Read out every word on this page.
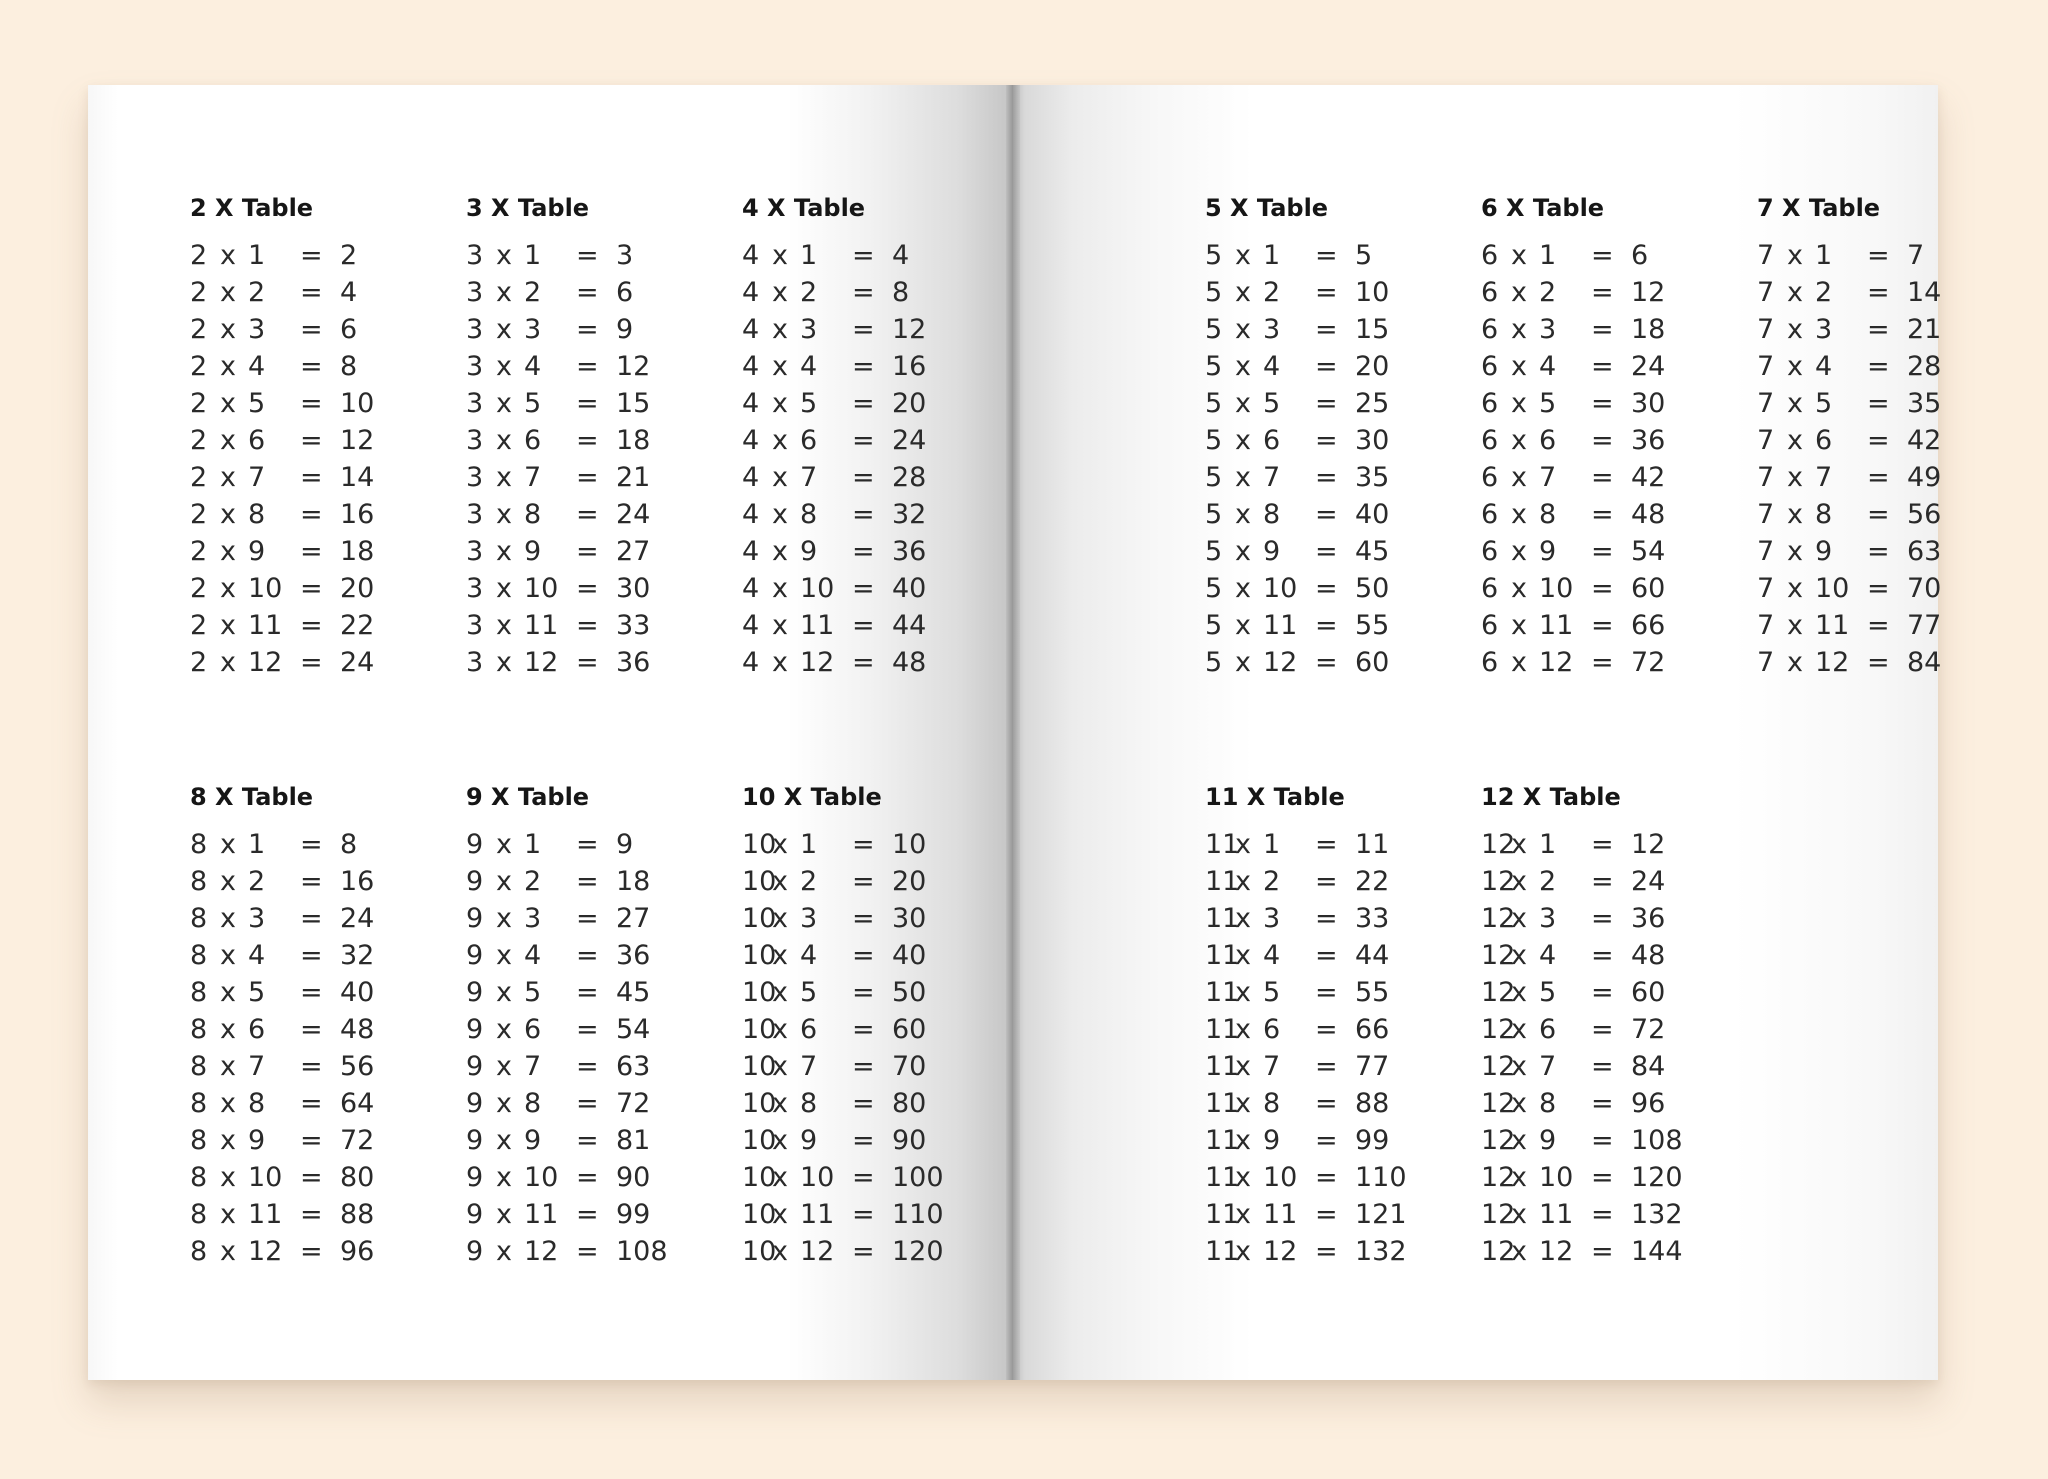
2 X Table
2 x 1 = 2
2 x 2 = 4
2 x 3 = 6
2 x 4 = 8
2 x 5 = 10
2 x 6 = 12
2 x 7 = 14
2 x 8 = 16
2 x 9 = 18
2 x 10 = 20
2 x 11 = 22
2 x 12 = 24
3 X Table
3 x 1 = 3
3 x 2 = 6
3 x 3 = 9
3 x 4 = 12
3 x 5 = 15
3 x 6 = 18
3 x 7 = 21
3 x 8 = 24
3 x 9 = 27
3 x 10 = 30
3 x 11 = 33
3 x 12 = 36
4 X Table
4 x 1 = 4
4 x 2 = 8
4 x 3 = 12
4 x 4 = 16
4 x 5 = 20
4 x 6 = 24
4 x 7 = 28
4 x 8 = 32
4 x 9 = 36
4 x 10 = 40
4 x 11 = 44
4 x 12 = 48
8 X Table
8 x 1 = 8
8 x 2 = 16
8 x 3 = 24
8 x 4 = 32
8 x 5 = 40
8 x 6 = 48
8 x 7 = 56
8 x 8 = 64
8 x 9 = 72
8 x 10 = 80
8 x 11 = 88
8 x 12 = 96
9 X Table
9 x 1 = 9
9 x 2 = 18
9 x 3 = 27
9 x 4 = 36
9 x 5 = 45
9 x 6 = 54
9 x 7 = 63
9 x 8 = 72
9 x 9 = 81
9 x 10 = 90
9 x 11 = 99
9 x 12 = 108
10 X Table
10
x 1 = 10
10
x 2 = 20
10
x 3 = 30
10
x 4 = 40
10
x 5 = 50
10
x 6 = 60
10
x 7 = 70
10
x 8 = 80
10
x 9 = 90
10
x 10 = 100
10
x 11 = 110
10
x 12 = 120
5 X Table
5 x 1 = 5
5 x 2 = 10
5 x 3 = 15
5 x 4 = 20
5 x 5 = 25
5 x 6 = 30
5 x 7 = 35
5 x 8 = 40
5 x 9 = 45
5 x 10 = 50
5 x 11 = 55
5 x 12 = 60
6 X Table
6 x 1 = 6
6 x 2 = 12
6 x 3 = 18
6 x 4 = 24
6 x 5 = 30
6 x 6 = 36
6 x 7 = 42
6 x 8 = 48
6 x 9 = 54
6 x 10 = 60
6 x 11 = 66
6 x 12 = 72
7 X Table
7 x 1 = 7
7 x 2 = 14
7 x 3 = 21
7 x 4 = 28
7 x 5 = 35
7 x 6 = 42
7 x 7 = 49
7 x 8 = 56
7 x 9 = 63
7 x 10 = 70
7 x 11 = 77
7 x 12 = 84
11 X Table
11
x 1 = 11
11
x 2 = 22
11
x 3 = 33
11
x 4 = 44
11
x 5 = 55
11
x 6 = 66
11
x 7 = 77
11
x 8 = 88
11
x 9 = 99
11
x 10 = 110
11
x 11 = 121
11
x 12 = 132
12 X Table
12
x 1 = 12
12
x 2 = 24
12
x 3 = 36
12
x 4 = 48
12
x 5 = 60
12
x 6 = 72
12
x 7 = 84
12
x 8 = 96
12
x 9 = 108
12
x 10 = 120
12
x 11 = 132
12
x 12 = 144
